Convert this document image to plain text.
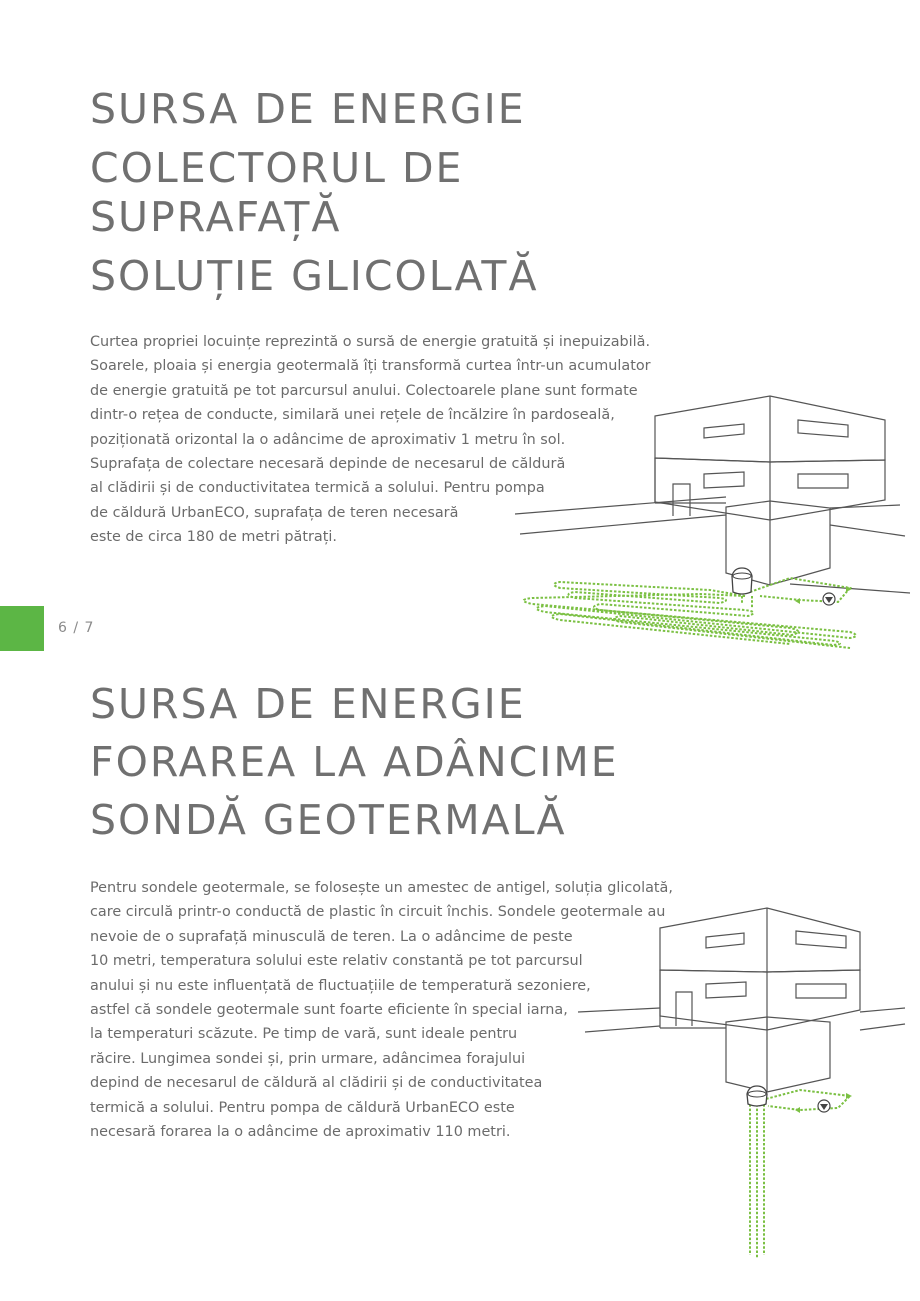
SURSA DE ENERGIE
COLECTORUL DE
SUPRAFAȚĂ
SOLUȚIE GLICOLATĂ
Curtea propriei locuințe reprezintă o sursă de energie gratuită și inepuizabilă.
Soarele, ploaia și energia geotermală îți transformă curtea într-un acumulator
de energie gratuită pe tot parcursul anului. Colectoarele plane sunt formate
dintr-o rețea de conducte, similară unei rețele de încălzire în pardoseală,
poziționată orizontal la o adâncime de aproximativ 1 metru în sol.
Suprafața de colectare necesară depinde de necesarul de căldură
al clădirii și de conductivitatea termică a solului. Pentru pompa
de căldură UrbanECO, suprafața de teren necesară
este de circa 180 de metri pătrați.
6 / 7
SURSA DE ENERGIE
FORAREA LA ADÂNCIME
SONDĂ GEOTERMALĂ
Pentru sondele geotermale, se folosește un amestec de antigel, soluția glicolată,
care circulă printr-o conductă de plastic în circuit închis. Sondele geotermale au
nevoie de o suprafață minusculă de teren. La o adâncime de peste
10 metri, temperatura solului este relativ constantă pe tot parcursul
anului și nu este influențată de fluctuațiile de temperatură sezoniere,
astfel că sondele geotermale sunt foarte eficiente în special iarna,
la temperaturi scăzute. Pe timp de vară, sunt ideale pentru
răcire. Lungimea sondei și, prin urmare, adâncimea forajului
depind de necesarul de căldură al clădirii și de conductivitatea
termică a solului. Pentru pompa de căldură UrbanECO este
necesară forarea la o adâncime de aproximativ 110 metri.
